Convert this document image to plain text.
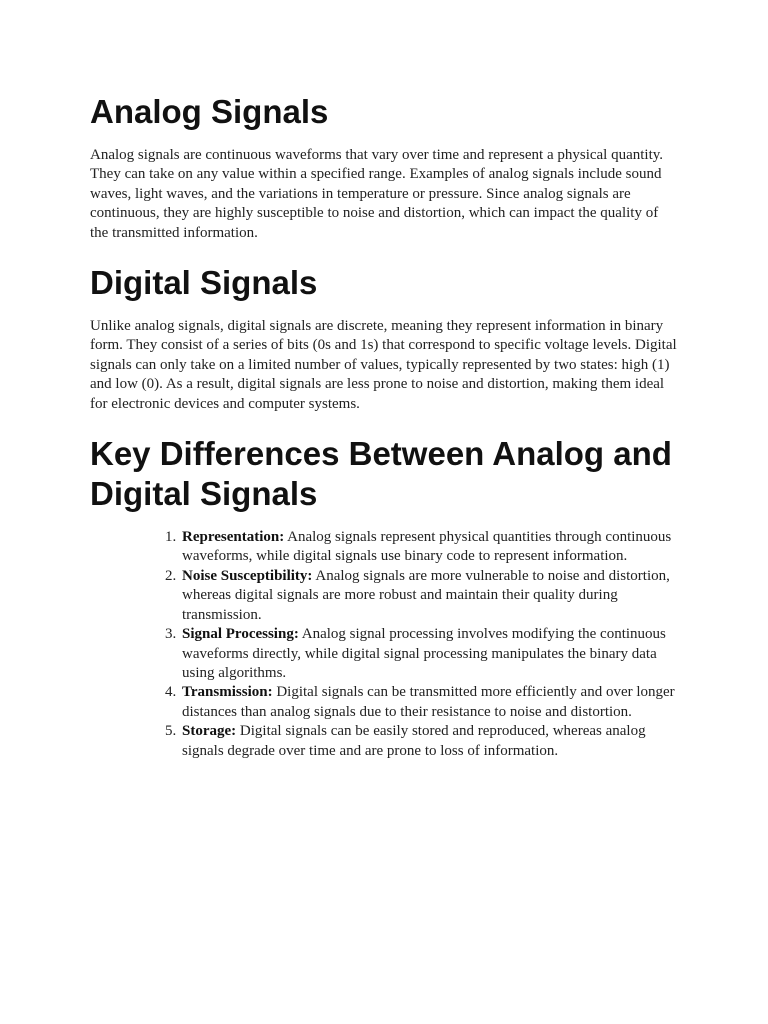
Analog Signals

Analog signals are continuous waveforms that vary over time and represent a physical quantity. They can take on any value within a specified range. Examples of analog signals include sound waves, light waves, and the variations in temperature or pressure. Since analog signals are continuous, they are highly susceptible to noise and distortion, which can impact the quality of the transmitted information.

Digital Signals

Unlike analog signals, digital signals are discrete, meaning they represent information in binary form. They consist of a series of bits (0s and 1s) that correspond to specific voltage levels. Digital signals can only take on a limited number of values, typically represented by two states: high (1) and low (0). As a result, digital signals are less prone to noise and distortion, making them ideal for electronic devices and computer systems.

Key Differences Between Analog and Digital Signals
1. Representation: Analog signals represent physical quantities through continuous waveforms, while digital signals use binary code to represent information.
2. Noise Susceptibility: Analog signals are more vulnerable to noise and distortion, whereas digital signals are more robust and maintain their quality during transmission.
3. Signal Processing: Analog signal processing involves modifying the continuous waveforms directly, while digital signal processing manipulates the binary data using algorithms.
4. Transmission: Digital signals can be transmitted more efficiently and over longer distances than analog signals due to their resistance to noise and distortion.
5. Storage: Digital signals can be easily stored and reproduced, whereas analog signals degrade over time and are prone to loss of information.
